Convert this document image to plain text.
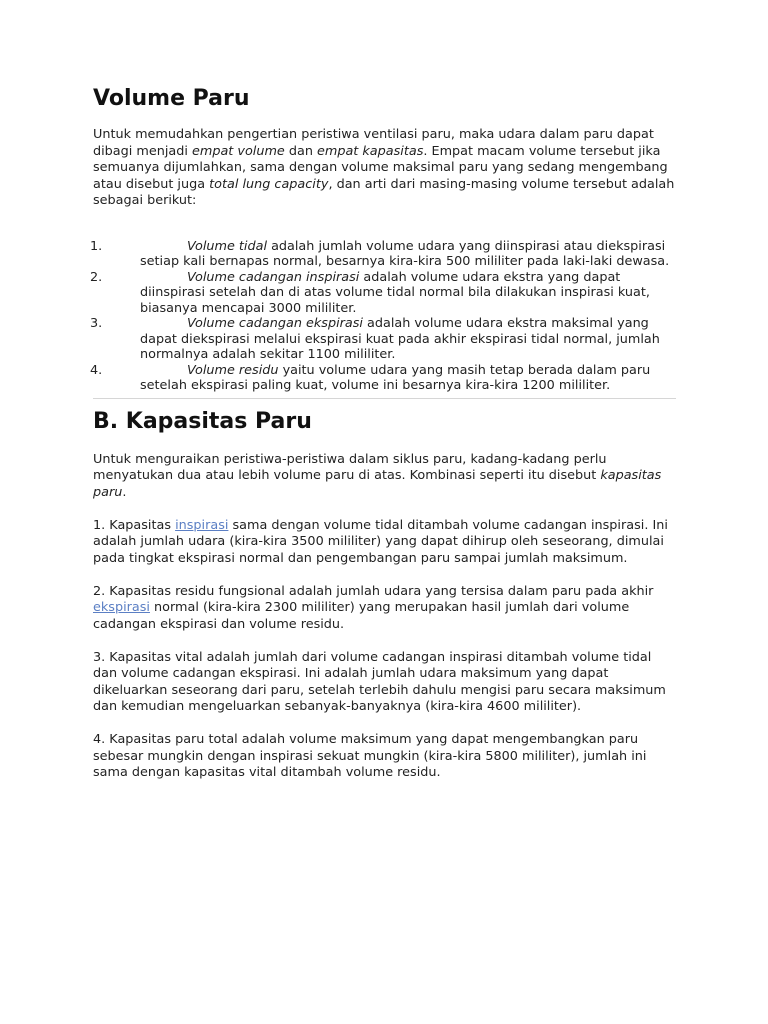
Volume Paru

Untuk memudahkan pengertian peristiwa ventilasi paru, maka udara dalam paru dapat dibagi menjadi empat volume dan empat kapasitas. Empat macam volume tersebut jika semuanya dijumlahkan, sama dengan volume maksimal paru yang sedang mengembang atau disebut juga total lung capacity, dan arti dari masing-masing volume tersebut adalah sebagai berikut:

1.	Volume tidal adalah jumlah volume udara yang diinspirasi atau diekspirasi setiap kali bernapas normal, besarnya kira-kira 500 mililiter pada laki-laki dewasa.
2.	Volume cadangan inspirasi adalah volume udara ekstra yang dapat diinspirasi setelah dan di atas volume tidal normal bila dilakukan inspirasi kuat, biasanya mencapai 3000 mililiter.
3.	Volume cadangan ekspirasi adalah volume udara ekstra maksimal yang dapat diekspirasi melalui ekspirasi kuat pada akhir ekspirasi tidal normal, jumlah normalnya adalah sekitar 1100 mililiter.
4.	Volume residu yaitu volume udara yang masih tetap berada dalam paru setelah ekspirasi paling kuat, volume ini besarnya kira-kira 1200 mililiter.
B. Kapasitas Paru

Untuk menguraikan peristiwa-peristiwa dalam siklus paru, kadang-kadang perlu menyatukan dua atau lebih volume paru di atas. Kombinasi seperti itu disebut kapasitas paru.

1. Kapasitas inspirasi sama dengan volume tidal ditambah volume cadangan inspirasi. Ini adalah jumlah udara (kira-kira 3500 mililiter) yang dapat dihirup oleh seseorang, dimulai pada tingkat ekspirasi normal dan pengembangan paru sampai jumlah maksimum.

2. Kapasitas residu fungsional adalah jumlah udara yang tersisa dalam paru pada akhir ekspirasi normal (kira-kira 2300 mililiter) yang merupakan hasil jumlah dari volume cadangan ekspirasi dan volume residu.

3. Kapasitas vital adalah jumlah dari volume cadangan inspirasi ditambah volume tidal dan volume cadangan ekspirasi. Ini adalah jumlah udara maksimum yang dapat dikeluarkan seseorang dari paru, setelah terlebih dahulu mengisi paru secara maksimum dan kemudian mengeluarkan sebanyak-banyaknya (kira-kira 4600 mililiter).

4. Kapasitas paru total adalah volume maksimum yang dapat mengembangkan paru sebesar mungkin dengan inspirasi sekuat mungkin (kira-kira 5800 mililiter), jumlah ini sama dengan kapasitas vital ditambah volume residu.
